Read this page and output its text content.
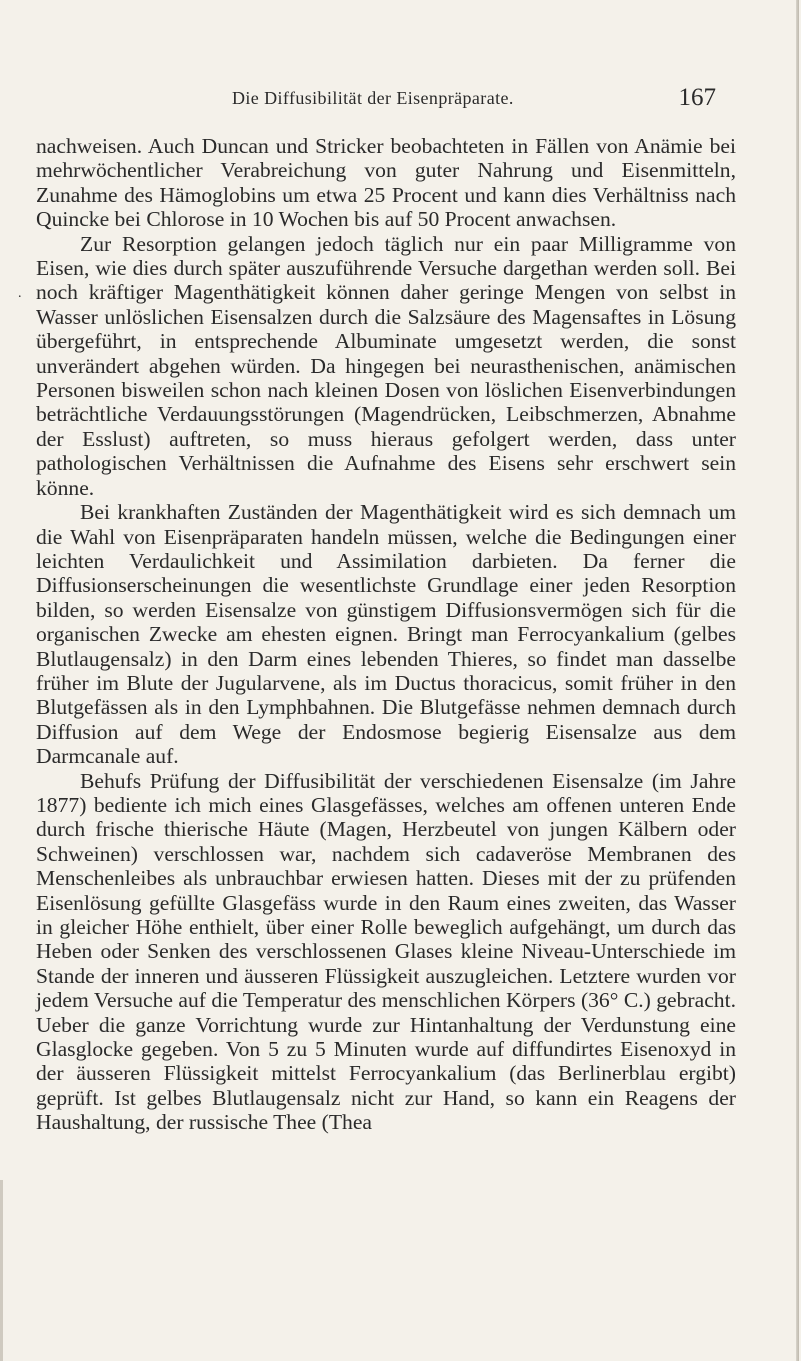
Die Diffusibilität der Eisenpräparate.	167
.

nachweisen. Auch Duncan und Stricker beobachteten in Fällen von Anämie bei mehrwöchentlicher Verabreichung von guter Nahrung und Eisenmitteln, Zunahme des Hämoglobins um etwa 25 Procent und kann dies Verhältniss nach Quincke bei Chlorose in 10 Wochen bis auf 50 Procent anwachsen.

Zur Resorption gelangen jedoch täglich nur ein paar Milligramme von Eisen, wie dies durch später auszuführende Versuche dargethan werden soll. Bei noch kräftiger Magenthätigkeit können daher geringe Mengen von selbst in Wasser unlöslichen Eisensalzen durch die Salzsäure des Magensaftes in Lösung übergeführt, in entsprechende Albuminate umgesetzt werden, die sonst unverändert abgehen würden. Da hingegen bei neurasthenischen, anämischen Personen bisweilen schon nach kleinen Dosen von löslichen Eisenverbindungen beträchtliche Verdauungsstörungen (Magendrücken, Leibschmerzen, Abnahme der Esslust) auftreten, so muss hieraus gefolgert werden, dass unter pathologischen Verhältnissen die Aufnahme des Eisens sehr erschwert sein könne.

Bei krankhaften Zuständen der Magenthätigkeit wird es sich demnach um die Wahl von Eisenpräparaten handeln müssen, welche die Bedingungen einer leichten Verdaulichkeit und Assimilation darbieten. Da ferner die Diffusionserscheinungen die wesentlichste Grundlage einer jeden Resorption bilden, so werden Eisensalze von günstigem Diffusionsvermögen sich für die organischen Zwecke am ehesten eignen. Bringt man Ferrocyankalium (gelbes Blutlaugensalz) in den Darm eines lebenden Thieres, so findet man dasselbe früher im Blute der Jugularvene, als im Ductus thoracicus, somit früher in den Blutgefässen als in den Lymphbahnen. Die Blutgefässe nehmen demnach durch Diffusion auf dem Wege der Endosmose begierig Eisensalze aus dem Darmcanale auf.

Behufs Prüfung der Diffusibilität der verschiedenen Eisensalze (im Jahre 1877) bediente ich mich eines Glasgefässes, welches am offenen unteren Ende durch frische thierische Häute (Magen, Herzbeutel von jungen Kälbern oder Schweinen) verschlossen war, nachdem sich cadaveröse Membranen des Menschenleibes als unbrauchbar erwiesen hatten. Dieses mit der zu prüfenden Eisenlösung gefüllte Glasgefäss wurde in den Raum eines zweiten, das Wasser in gleicher Höhe enthielt, über einer Rolle beweglich aufgehängt, um durch das Heben oder Senken des verschlossenen Glases kleine Niveau-Unterschiede im Stande der inneren und äusseren Flüssigkeit auszugleichen. Letztere wurden vor jedem Versuche auf die Temperatur des menschlichen Körpers (36° C.) gebracht. Ueber die ganze Vorrichtung wurde zur Hintanhaltung der Verdunstung eine Glasglocke gegeben. Von 5 zu 5 Minuten wurde auf diffundirtes Eisenoxyd in der äusseren Flüssigkeit mittelst Ferrocyankalium (das Berlinerblau ergibt) geprüft. Ist gelbes Blutlaugensalz nicht zur Hand, so kann ein Reagens der Haushaltung, der russische Thee (Thea
